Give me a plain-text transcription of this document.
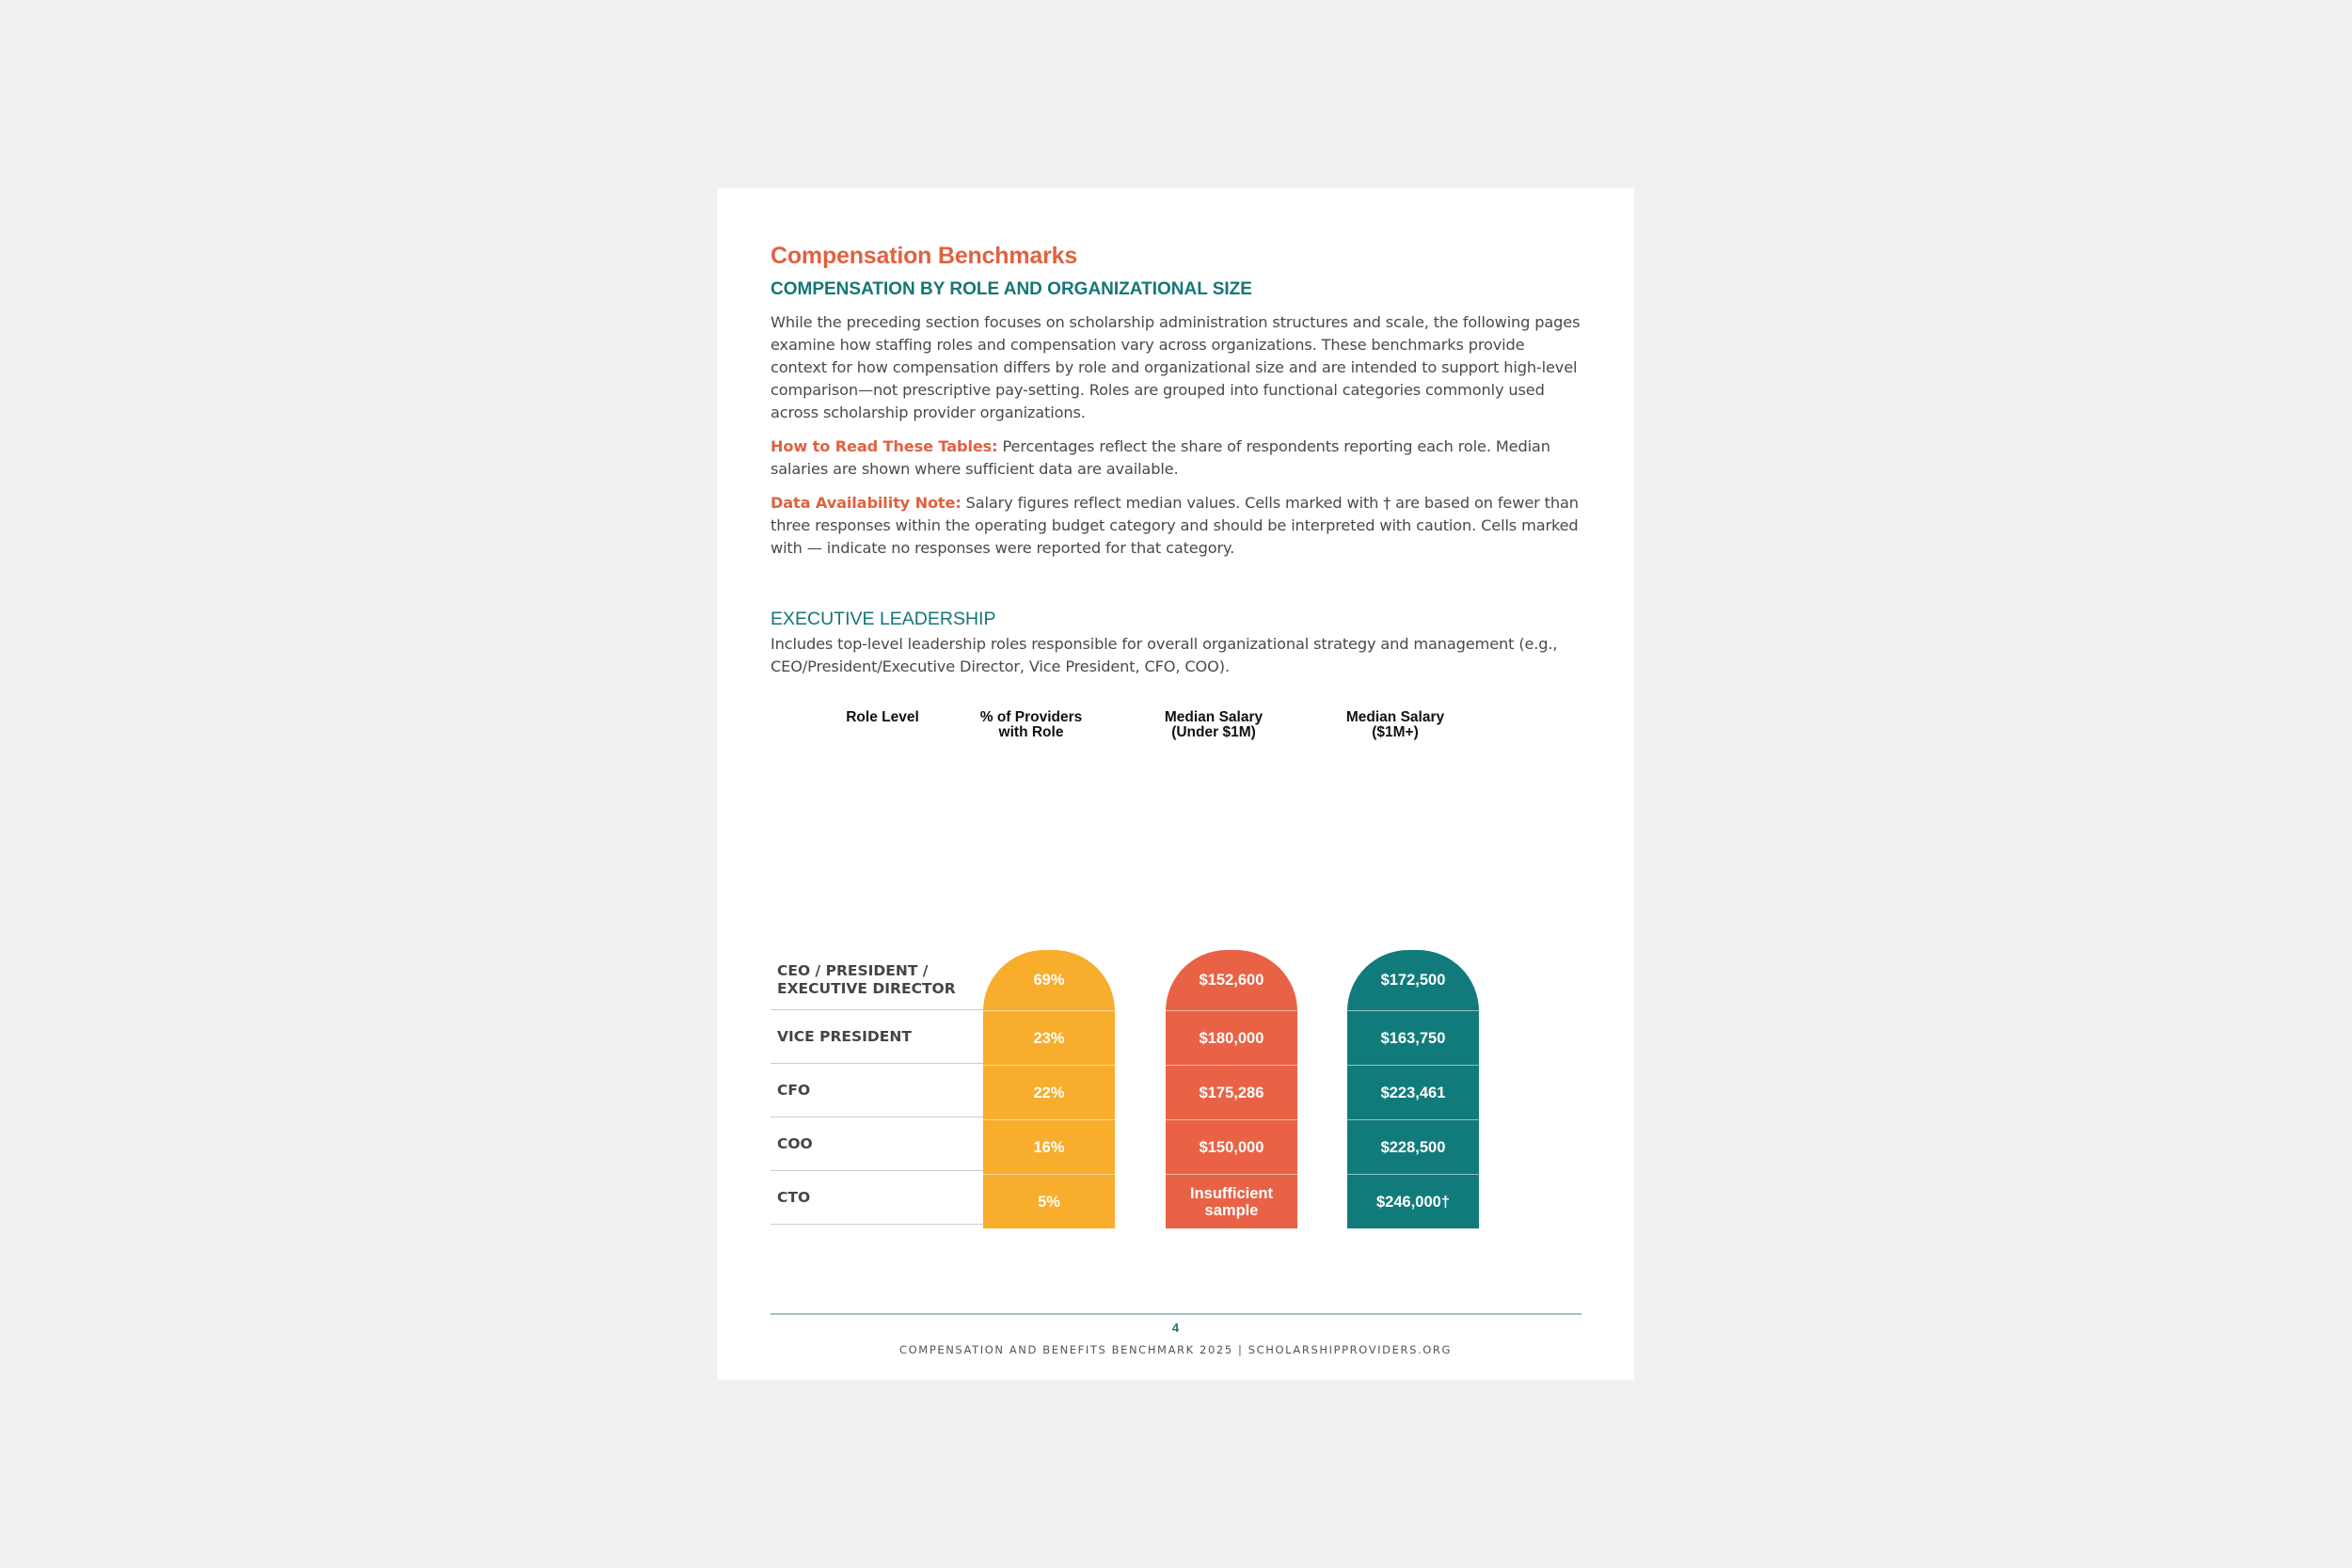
Compensation Benchmarks
COMPENSATION BY ROLE AND ORGANIZATIONAL SIZE

While the preceding section focuses on scholarship administration structures and scale, the following pages examine how staffing roles and compensation vary across organizations. These benchmarks provide context for how compensation differs by role and organizational size and are intended to support high-level comparison—not prescriptive pay-setting. Roles are grouped into functional categories commonly used across scholarship provider organizations.

How to Read These Tables: Percentages reflect the share of respondents reporting each role. Median salaries are shown where sufficient data are available.

Data Availability Note: Salary figures reflect median values. Cells marked with † are based on fewer than three responses within the operating budget category and should be interpreted with caution. Cells marked with — indicate no responses were reported for that category.

EXECUTIVE LEADERSHIP

Includes top-level leadership roles responsible for overall organizational strategy and management (e.g., CEO/President/Executive Director, Vice President, CFO, COO).

Role Level	% of Providers
with Role
Median Salary
(Under $1M)
Median Salary
($1M+)
CEO / PRESIDENT /
EXECUTIVE DIRECTOR
VICE PRESIDENT
CFO
COO
CTO
69%
23%
22%
16%
5%
$152,600
$180,000
$175,286
$150,000
Insufficient
sample
$172,500
$163,750
$223,461
$228,500
$246,000†
4
COMPENSATION AND BENEFITS BENCHMARK 2025 | SCHOLARSHIPPROVIDERS.ORG
